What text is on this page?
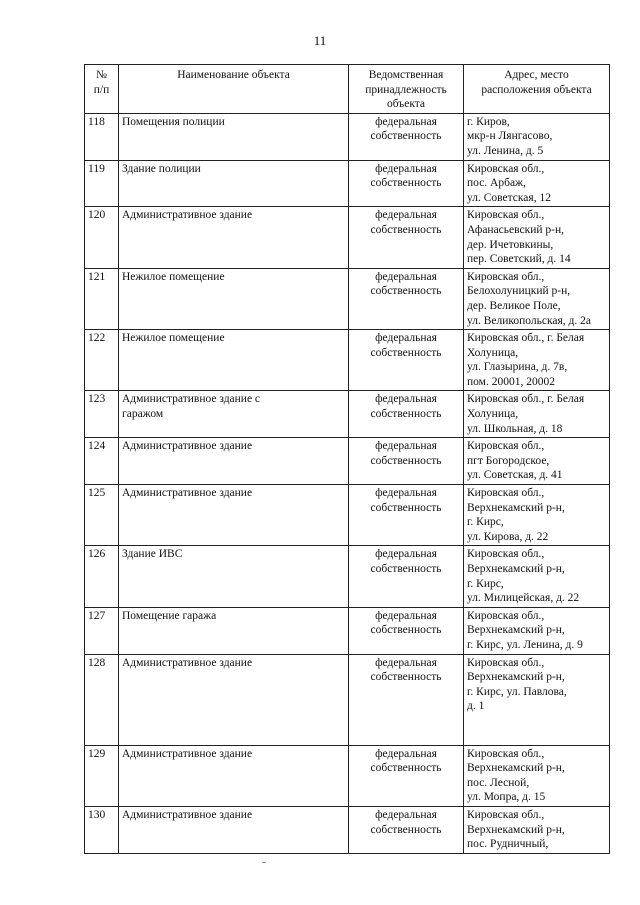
11
№
п/п	Наименование объекта	Ведомственная
принадлежность
объекта	Адрес, место
расположения объекта

118	Помещения полиции	федеральная
собственность	г. Киров,
мкр-н Лянгасово,
ул. Ленина, д. 5

119	Здание полиции	федеральная
собственность	Кировская обл.,
пос. Арбаж,
ул. Советская, 12

120	Административное здание	федеральная
собственность	Кировская обл.,
Афанасьевский р-н,
дер. Ичетовкины,
пер. Советский, д. 14

121	Нежилое помещение	федеральная
собственность	Кировская обл.,
Белохолуницкий р-н,
дер. Великое Поле,
ул. Великопольская, д. 2а

122	Нежилое помещение	федеральная
собственность	Кировская обл., г. Белая
Холуница,
ул. Глазырина, д. 7в,
пом. 20001, 20002

123	Административное здание с
гаражом	федеральная
собственность	Кировская обл., г. Белая
Холуница,
ул. Школьная, д. 18

124	Административное здание	федеральная
собственность	Кировская обл.,
пгт Богородское,
ул. Советская, д. 41

125	Административное здание	федеральная
собственность	Кировская обл.,
Верхнекамский р-н,
г. Кирс,
ул. Кирова, д. 22

126	Здание ИВС	федеральная
собственность	Кировская обл.,
Верхнекамский р-н,
г. Кирс,
ул. Милицейская, д. 22

127	Помещение гаража	федеральная
собственность	Кировская обл.,
Верхнекамский р-н,
г. Кирс, ул. Ленина, д. 9

128	Административное здание	федеральная
собственность	Кировская обл.,
Верхнекамский р-н,
г. Кирс, ул. Павлова,
д. 1

129	Административное здание	федеральная
собственность	Кировская обл.,
Верхнекамский р-н,
пос. Лесной,
ул. Мопра, д. 15

130	Административное здание	федеральная
собственность	Кировская обл.,
Верхнекамский р-н,
пос. Рудничный,
